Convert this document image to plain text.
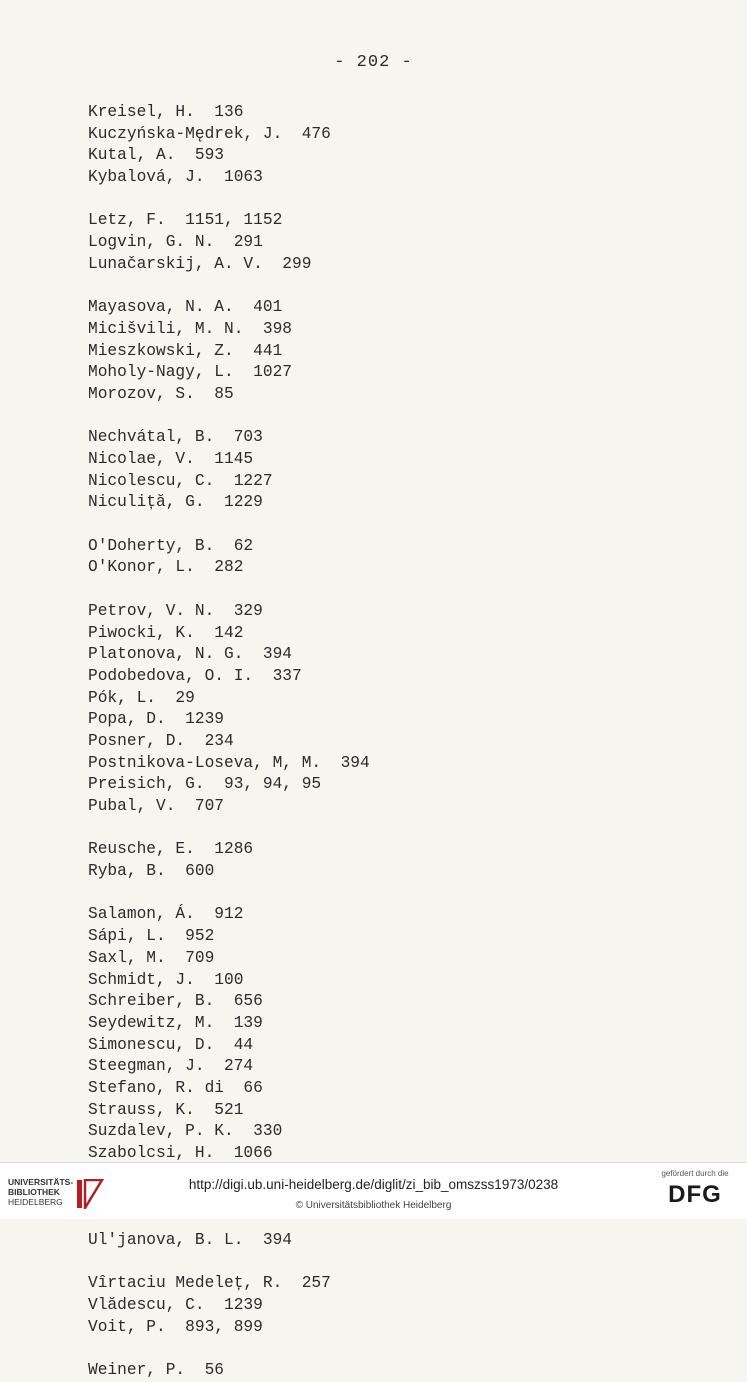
- 202 -
Kreisel, H.  136
Kuczyńska-Mędrek, J.  476
Kutal, A.  593
Kybalová, J.  1063
Letz, F.  1151, 1152
Logvin, G. N.  291
Lunačarskij, A. V.  299
Mayasova, N. A.  401
Micišvili, M. N.  398
Mieszkowski, Z.  441
Moholy-Nagy, L.  1027
Morozov, S.  85
Nechvátal, B.  703
Nicolae, V.  1145
Nicolescu, C.  1227
Niculiță, G.  1229
O'Doherty, B.  62
O'Konor, L.  282
Petrov, V. N.  329
Piwocki, K.  142
Platonova, N. G.  394
Podobedova, O. I.  337
Pók, L.  29
Popa, D.  1239
Posner, D.  234
Postnikova-Loseva, M, M.  394
Preisich, G.  93, 94, 95
Pubal, V.  707
Reusche, E.  1286
Ryba, B.  600
Salamon, Á.  912
Sápi, L.  952
Saxl, M.  709
Schmidt, J.  100
Schreiber, B.  656
Seydewitz, M.  139
Simonescu, D.  44
Steegman, J.  274
Stefano, R. di  66
Strauss, K.  521
Suzdalev, P. K.  330
Szabolcsi, H.  1066
Ul'janova, B. L.  394
Vîrtaciu Medeleț, R.  257
Vlădescu, C.  1239
Voit, P.  893, 899
Weiner, P.  56
UNIVERSITÄTS-
BIBLIOTHEK
HEIDELBERG
http://digi.ub.uni-heidelberg.de/diglit/zi_bib_omszss1973/0238
© Universitätsbibliothek Heidelberg
gefördert durch die
DFG
